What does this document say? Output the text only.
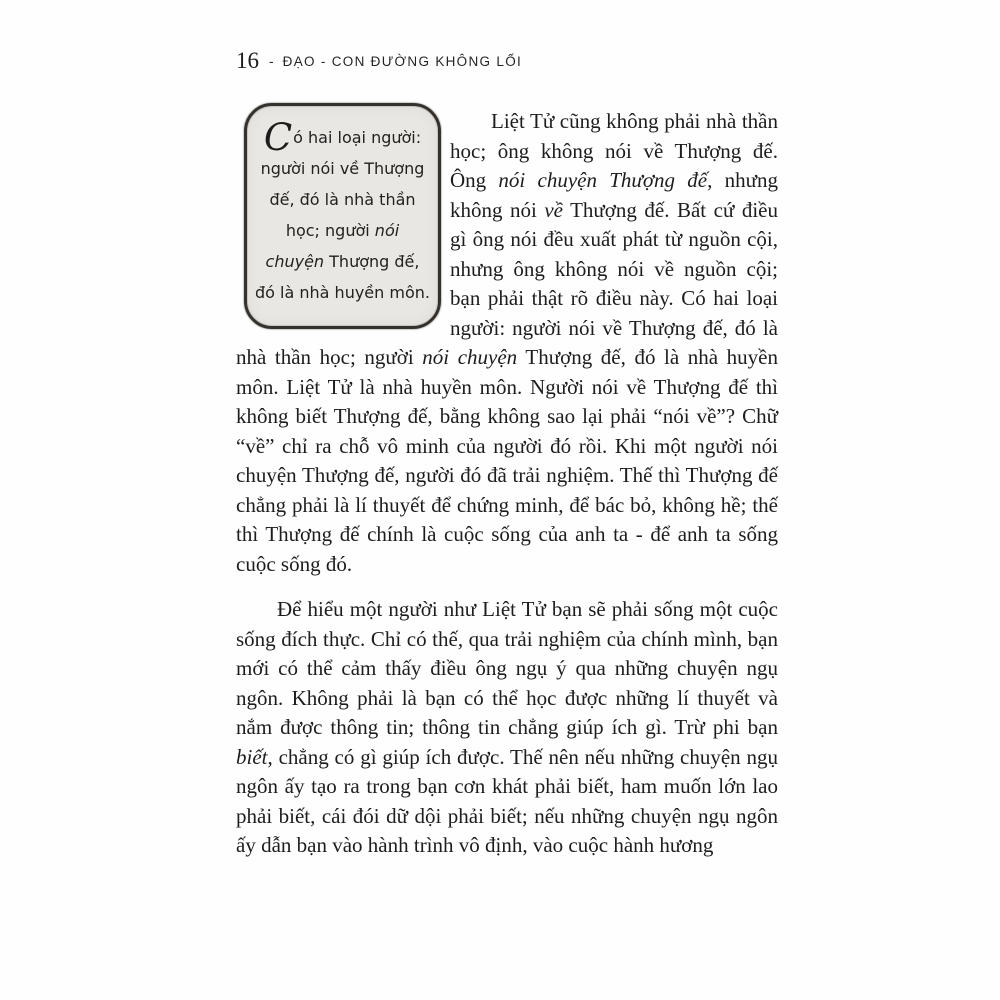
16 - ĐẠO - CON ĐƯỜNG KHÔNG LỐI

Có hai loại người: người nói về Thượng đế, đó là nhà thần học; người nói chuyện Thượng đế, đó là nhà huyền môn.
Liệt Tử cũng không phải nhà thần học; ông không nói về Thượng đế. Ông nói chuyện Thượng đế, nhưng không nói về Thượng đế. Bất cứ điều gì ông nói đều xuất phát từ nguồn cội, nhưng ông không nói về nguồn cội; bạn phải thật rõ điều này. Có hai loại người: người nói về Thượng đế, đó là nhà thần học; người nói chuyện Thượng đế, đó là nhà huyền môn. Liệt Tử là nhà huyền môn. Người nói về Thượng đế thì không biết Thượng đế, bằng không sao lại phải “nói về”? Chữ “về” chỉ ra chỗ vô minh của người đó rồi. Khi một người nói chuyện Thượng đế, người đó đã trải nghiệm. Thế thì Thượng đế chẳng phải là lí thuyết để chứng minh, để bác bỏ, không hề; thế thì Thượng đế chính là cuộc sống của anh ta - để anh ta sống cuộc sống đó.

Để hiểu một người như Liệt Tử bạn sẽ phải sống một cuộc sống đích thực. Chỉ có thế, qua trải nghiệm của chính mình, bạn mới có thể cảm thấy điều ông ngụ ý qua những chuyện ngụ ngôn. Không phải là bạn có thể học được những lí thuyết và nắm được thông tin; thông tin chẳng giúp ích gì. Trừ phi bạn biết, chẳng có gì giúp ích được. Thế nên nếu những chuyện ngụ ngôn ấy tạo ra trong bạn cơn khát phải biết, ham muốn lớn lao phải biết, cái đói dữ dội phải biết; nếu những chuyện ngụ ngôn ấy dẫn bạn vào hành trình vô định, vào cuộc hành hương
